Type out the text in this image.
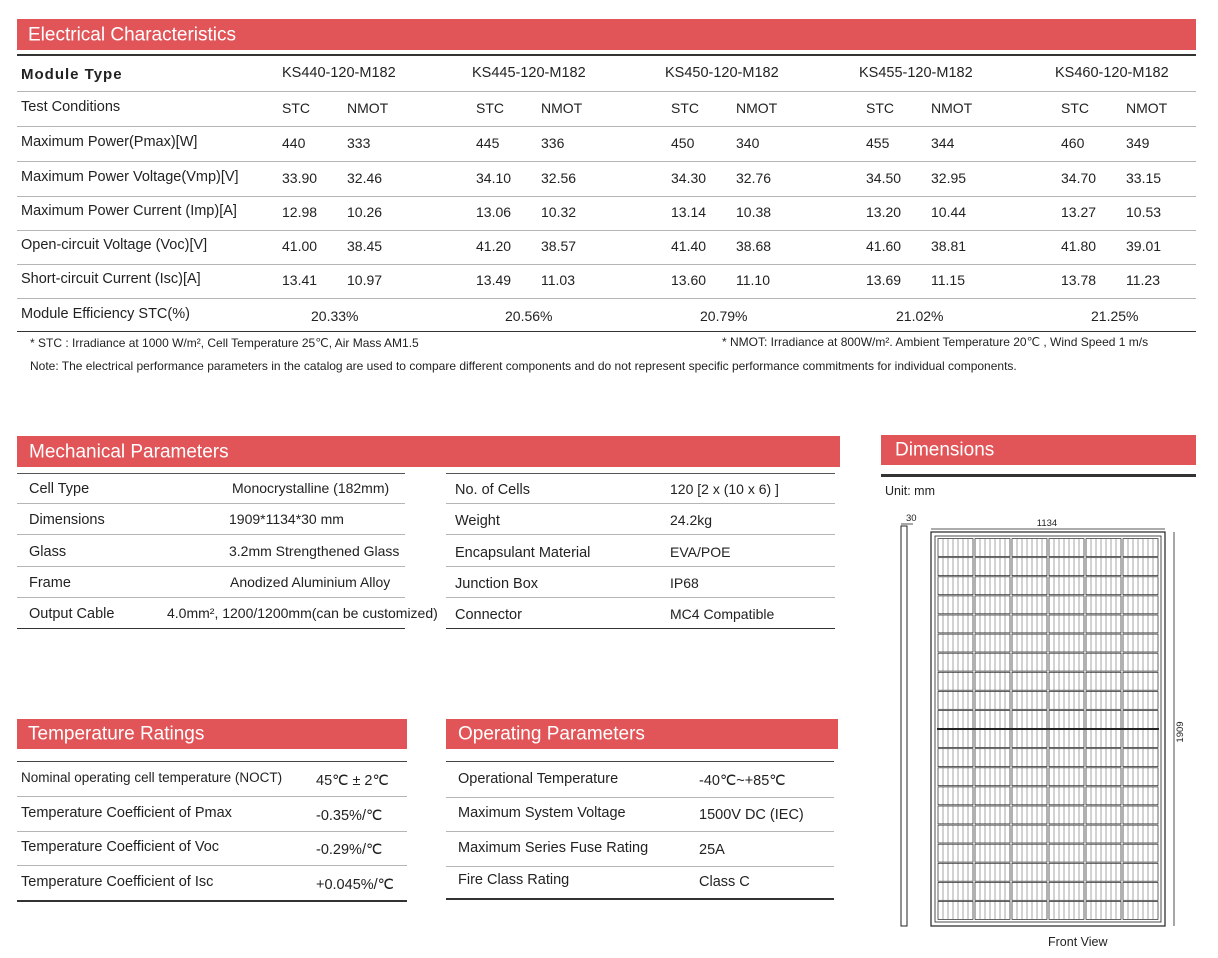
Electrical Characteristics
Module Type	KS440-120-M182	KS445-120-M182	KS450-120-M182	KS455-120-M182	KS460-120-M182
Test Conditions	STC	NMOT	STC	NMOT	STC	NMOT	STC	NMOT	STC	NMOT
Maximum Power(Pmax)[W]	440	333	445	336	450	340	455	344	460	349
Maximum Power Voltage(Vmp)[V]	33.90 32.46	34.10 32.56	34.30 32.76	34.50 32.95	34.70 33.15
Maximum Power Current (Imp)[A]	12.98 10.26	13.06 10.32	13.14 10.38	13.20 10.44	13.27 10.53
Open-circuit Voltage (Voc)[V]	41.00 38.45	41.20 38.57	41.40 38.68	41.60 38.81	41.80 39.01
Short-circuit Current (Isc)[A]	13.41 10.97	13.49 11.03	13.60 11.10	13.69 11.15	13.78 11.23
Module Efficiency STC(%)	20.33%	20.56%	20.79%	21.02%	21.25%
* STC : Irradiance at 1000 W/m², Cell Temperature 25℃, Air Mass AM1.5	* NMOT: Irradiance at 800W/m². Ambient Temperature 20℃ , Wind Speed 1 m/s
Note: The electrical performance parameters in the catalog are used to compare different components and do not represent specific performance commitments for individual components.
Mechanical Parameters
Cell Type	Monocrystalline (182mm)
Dimensions	1909*1134*30 mm
Glass	3.2mm Strengthened Glass
Frame	Anodized Aluminium Alloy
Output Cable	4.0mm², 1200/1200mm(can be customized)
No. of Cells	120 [2 x (10 x 6) ]
Weight	24.2kg
Encapsulant Material	EVA/POE
Junction Box	IP68
Connector	MC4 Compatible
Temperature Ratings
Nominal operating cell temperature (NOCT) 45℃ ± 2℃
Temperature Coefficient of Pmax	-0.35%/℃
Temperature Coefficient of Voc	-0.29%/℃
Temperature Coefficient of Isc	+0.045%/℃
Operating Parameters
Operational Temperature	-40℃~+85℃
Maximum System Voltage	1500V DC (IEC)
Maximum Series Fuse Rating	25A
Fire Class Rating	Class C
Dimensions
Unit: mm
30	1134
1909
Front View
